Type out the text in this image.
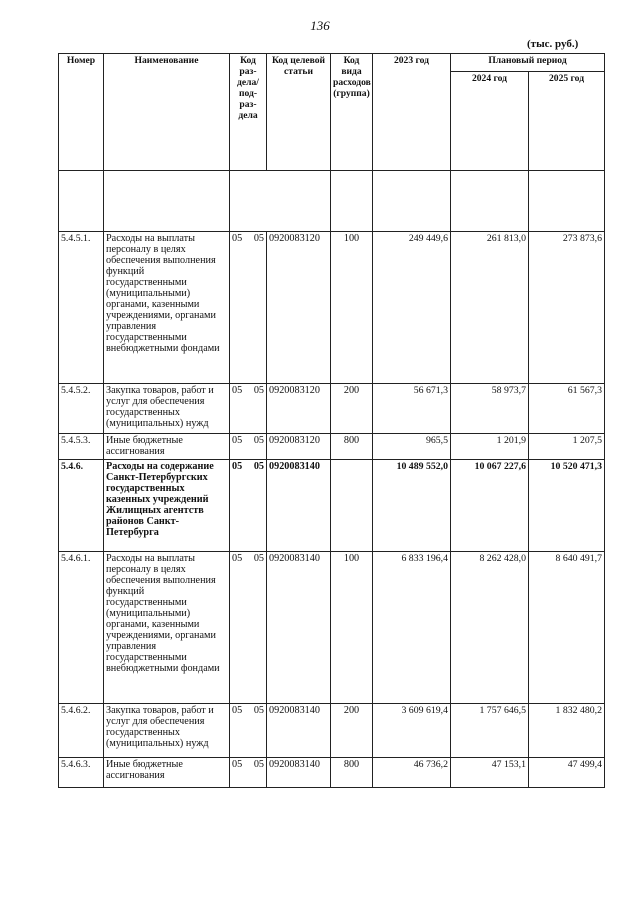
136
(тыс. руб.)
Номер	Наименование	Код раз-дела/ под-раз-дела	Код целевой статьи	Код вида расходов (группа)	2023 год	Плановый период	
						2024 год	2025 год

5.4.5.1.	Расходы на выплаты персоналу в целях обеспечения выполнения функций государственными (муниципальными) органами, казенными учреждениями, органами управления государственными внебюджетными фондами	05 05	0920083120	100	249 449,6	261 813,0	273 873,6
5.4.5.2.	Закупка товаров, работ и услуг для обеспечения государственных (муниципальных) нужд	05 05	0920083120	200	56 671,3	58 973,7	61 567,3
5.4.5.3.	Иные бюджетные ассигнования	05 05	0920083120	800	965,5	1 201,9	1 207,5
5.4.6.	Расходы на содержание Санкт-Петербургских государственных казенных учреждений Жилищных агентств районов Санкт-Петербурга	05 05	0920083140		10 489 552,0	10 067 227,6	10 520 471,3
5.4.6.1.	Расходы на выплаты персоналу в целях обеспечения выполнения функций государственными (муниципальными) органами, казенными учреждениями, органами управления государственными внебюджетными фондами	05 05	0920083140	100	6 833 196,4	8 262 428,0	8 640 491,7
5.4.6.2.	Закупка товаров, работ и услуг для обеспечения государственных (муниципальных) нужд	05 05	0920083140	200	3 609 619,4	1 757 646,5	1 832 480,2
5.4.6.3.	Иные бюджетные ассигнования	05 05	0920083140	800	46 736,2	47 153,1	47 499,4
